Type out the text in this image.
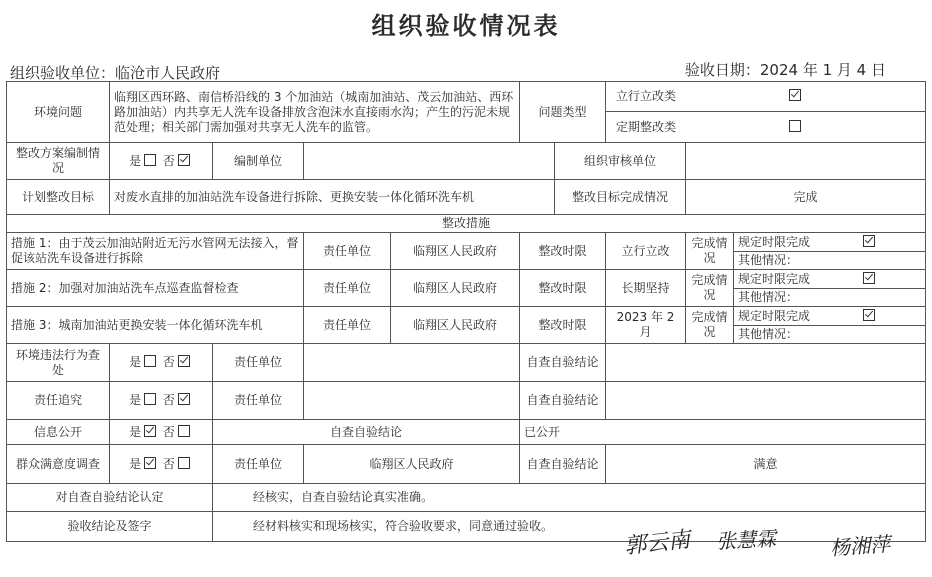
组织验收情况表
组织验收单位：临沧市人民政府	验收日期：2024 年 1 月 4 日
环境问题	临翔区西环路、南信桥沿线的 3 个加油站（城南加油站、茂云加油站、西环路加油站）内共享无人洗车设备排放含泡沫水直接雨水沟；产生的污泥未规范处理；相关部门需加强对共享无人洗车的监管。				问题类型		立行立改类		
							定期整改类		
整改方案编制情况	是 否	编制单位				组织审核单位			
计划整改目标	对废水直排的加油站洗车设备进行拆除、更换安装一体化循环洗车机					整改目标完成情况		完成	
整改措施									
措施 1：由于茂云加油站附近无污水管网无法接入，督促该站洗车设备进行拆除			责任单位	临翔区人民政府	整改时限		立行立改	完成情况	规定时限完成
									其他情况：
措施 2：加强对加油站洗车点巡查监督检查			责任单位	临翔区人民政府	整改时限		长期坚持	完成情况	规定时限完成
									其他情况：
措施 3：城南加油站更换安装一体化循环洗车机			责任单位	临翔区人民政府	整改时限		2023 年 2 月	完成情况	规定时限完成
									其他情况：
环境违法行为查处	是 否	责任单位			自查自验结论				
责任追究	是 否	责任单位			自查自验结论				
信息公开	是 否	自查自验结论			已公开				
群众满意度调查	是 否	责任单位	临翔区人民政府		自查自验结论		满意		
对自查自验结论认定		经核实，自查自验结论真实准确。							
验收结论及签字		经材料核实和现场核实，符合验收要求，同意通过验收。							
郭云南 张慧霖	杨湘萍
